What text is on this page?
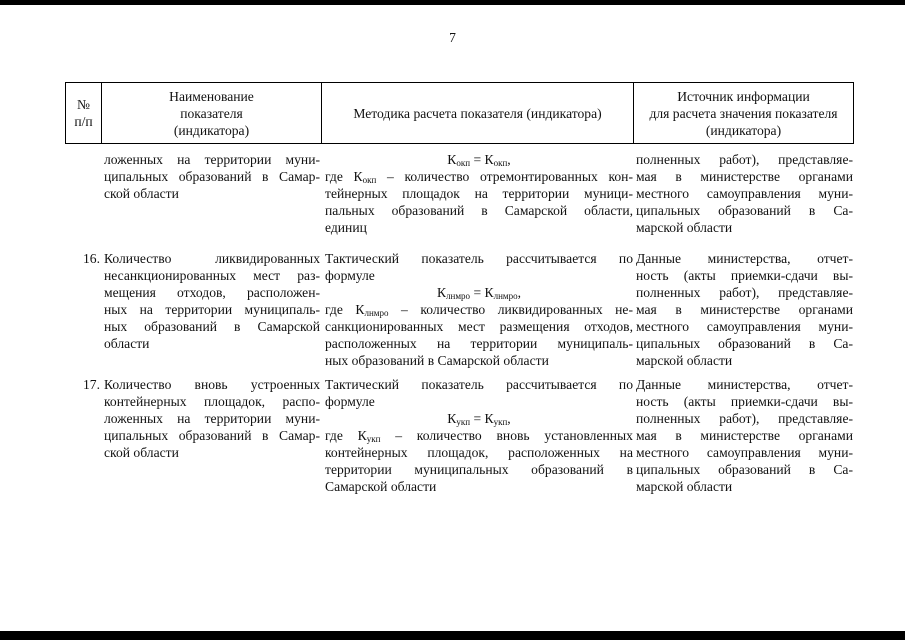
7
№
п/п
Наименование
показателя
(индикатора)
Методика расчета показателя (индикатора)
Источник информации
для расчета значения показателя
(индикатора)
ложенных на территории муни-
ципальных образований в Самар-
ской области
$К_{окп} = К_{окп}$,
где $К_{окп}$ – количество отремонтированных кон-
тейнерных площадок на территории муници-
пальных образований в Самарской области,
единиц
полненных работ), представляе-
мая в министерстве органами
местного самоуправления муни-
ципальных образований в Са-
марской области
16. Количество ликвидированных
несанкционированных мест раз-
мещения отходов, расположен-
ных на территории муниципаль-
ных образований в Самарской
области
Тактический показатель рассчитывается по
формуле
$К_{лнмро} = К_{лнмро}$,
где $К_{лнмро}$ – количество ликвидированных не-
санкционированных мест размещения отходов,
расположенных на территории муниципаль-
ных образований в Самарской области
Данные министерства, отчет-
ность (акты приемки-сдачи вы-
полненных работ), представляе-
мая в министерстве органами
местного самоуправления муни-
ципальных образований в Са-
марской области
17. Количество вновь устроенных
контейнерных площадок, распо-
ложенных на территории муни-
ципальных образований в Самар-
ской области
Тактический показатель рассчитывается по
формуле
$К_{укп} = К_{укп}$,
где $К_{укп}$ – количество вновь установленных
контейнерных площадок, расположенных на
территории муниципальных образований в
Самарской области
Данные министерства, отчет-
ность (акты приемки-сдачи вы-
полненных работ), представляе-
мая в министерстве органами
местного самоуправления муни-
ципальных образований в Са-
марской области
